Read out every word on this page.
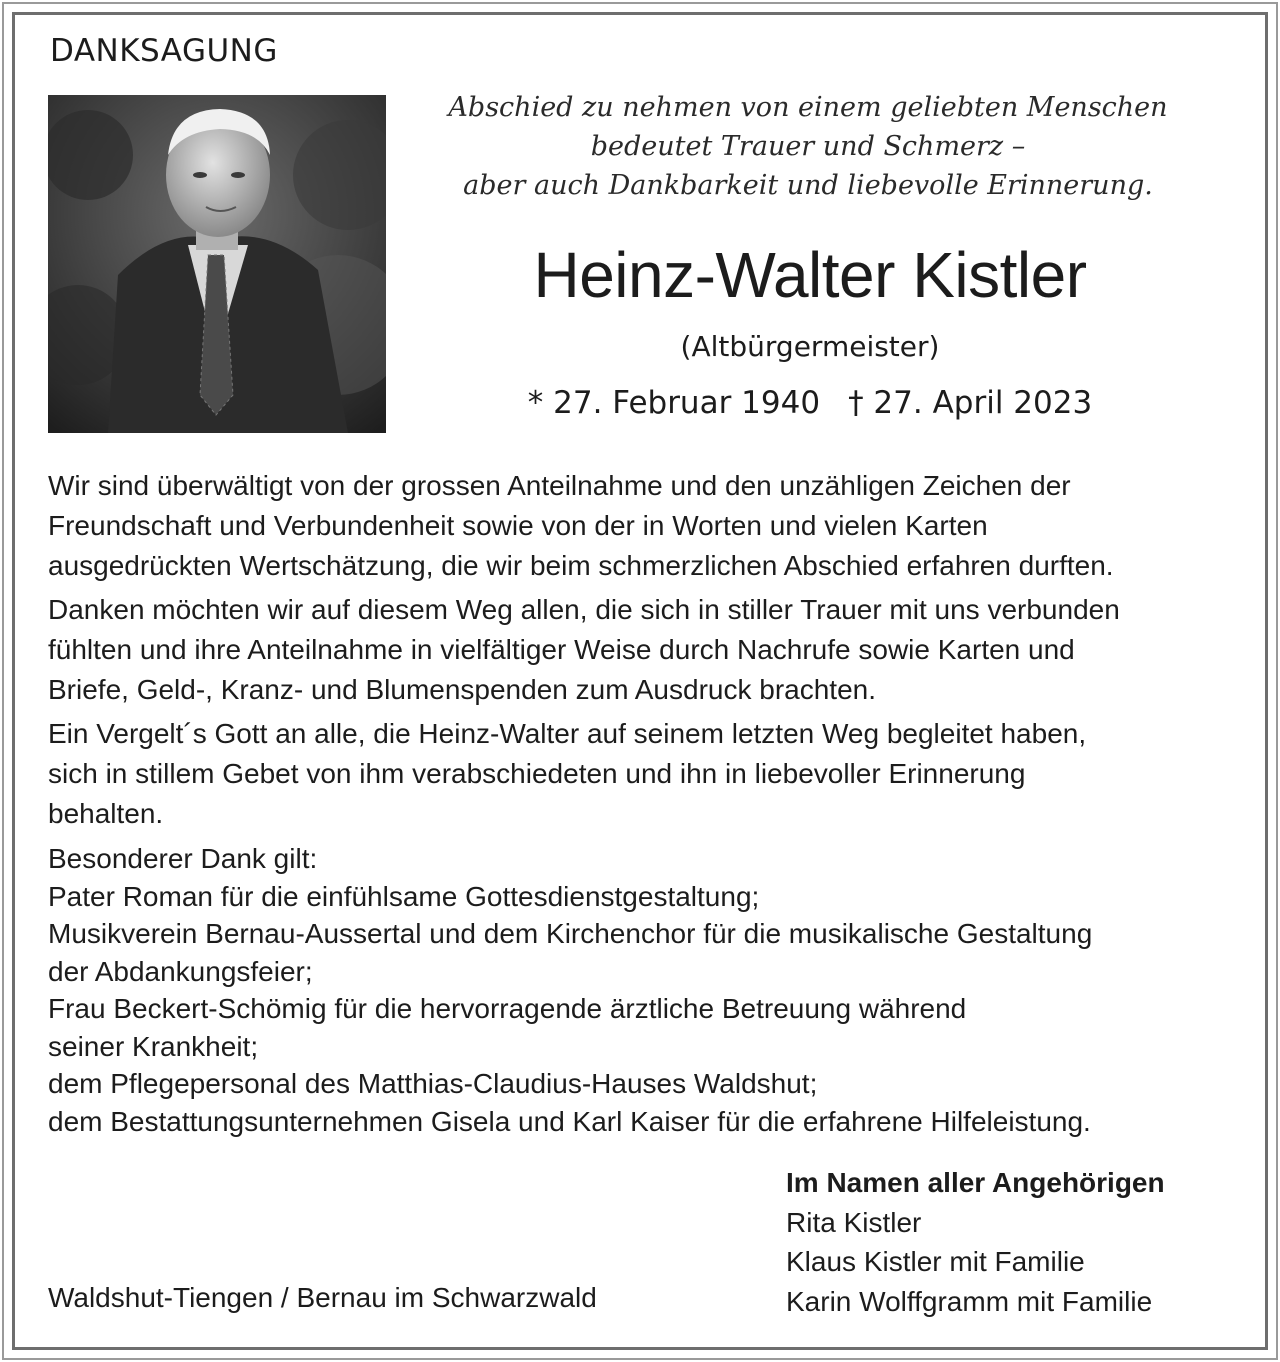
DANKSAGUNG
Abschied zu nehmen von einem geliebten Menschen
bedeutet Trauer und Schmerz –
aber auch Dankbarkeit und liebevolle Erinnerung.
Heinz-Walter Kistler
(Altbürgermeister)
* 27. Februar 1940 † 27. April 2023

Wir sind überwältigt von der grossen Anteilnahme und den unzähligen Zeichen der
Freundschaft und Verbundenheit sowie von der in Worten und vielen Karten
ausgedrückten Wertschätzung, die wir beim schmerzlichen Abschied erfahren durften.

Danken möchten wir auf diesem Weg allen, die sich in stiller Trauer mit uns verbunden
fühlten und ihre Anteilnahme in vielfältiger Weise durch Nachrufe sowie Karten und
Briefe, Geld-, Kranz- und Blumenspenden zum Ausdruck brachten.

Ein Vergelt´s Gott an alle, die Heinz-Walter auf seinem letzten Weg begleitet haben,
sich in stillem Gebet von ihm verabschiedeten und ihn in liebevoller Erinnerung
behalten.

Besonderer Dank gilt:
Pater Roman für die einfühlsame Gottesdienstgestaltung;
Musikverein Bernau-Aussertal und dem Kirchenchor für die musikalische Gestaltung
der Abdankungsfeier;
Frau Beckert-Schömig für die hervorragende ärztliche Betreuung während
seiner Krankheit;
dem Pflegepersonal des Matthias-Claudius-Hauses Waldshut;
dem Bestattungsunternehmen Gisela und Karl Kaiser für die erfahrene Hilfeleistung.
Im Namen aller Angehörigen
Rita Kistler
Klaus Kistler mit Familie
Karin Wolffgramm mit Familie
Waldshut-Tiengen / Bernau im Schwarzwald
